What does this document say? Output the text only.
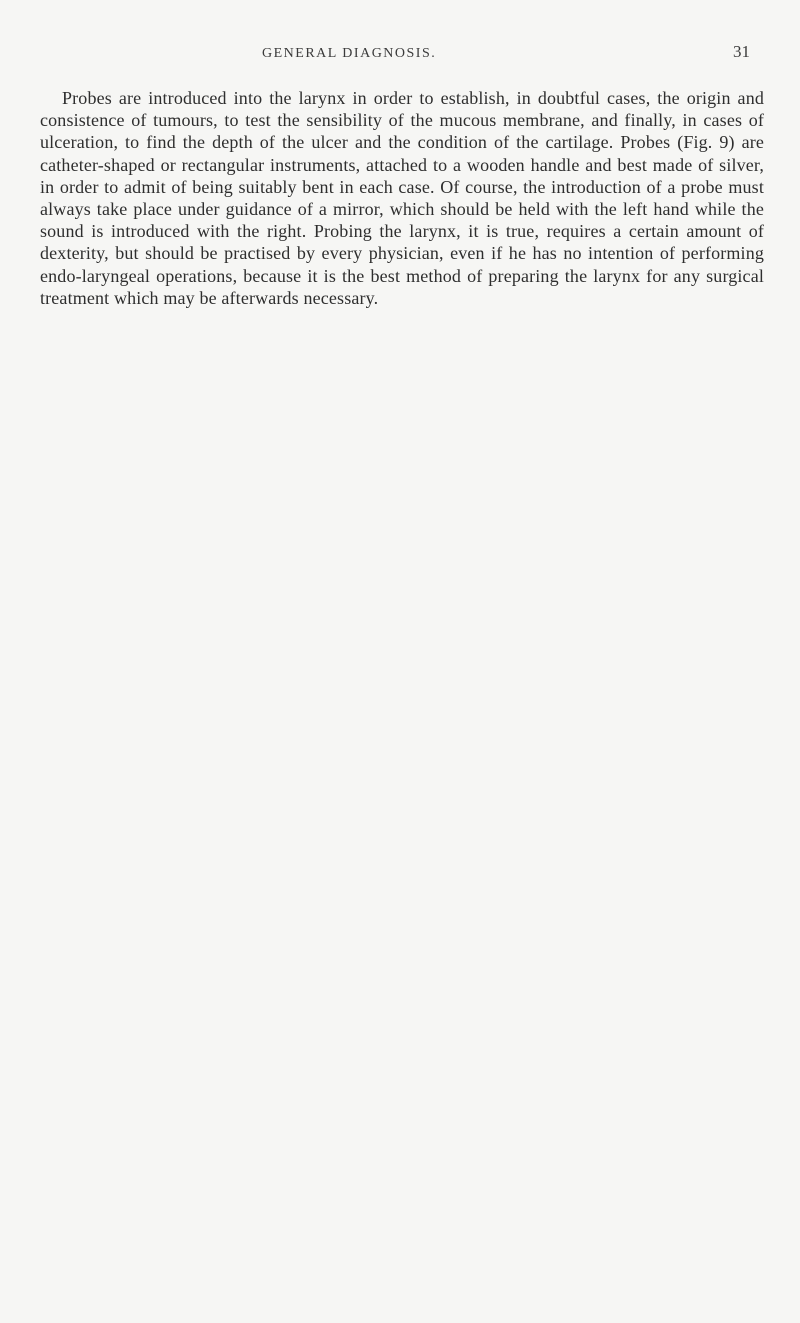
GENERAL DIAGNOSIS.	31

Probes are introduced into the larynx in order to establish, in doubtful cases, the origin and consistence of tumours, to test the sensibility of the mucous membrane, and finally, in cases of ulceration, to find the depth of the ulcer and the condition of the cartilage. Probes (Fig. 9) are catheter-shaped or rectangular instruments, attached to a wooden handle and best made of silver, in order to admit of being suitably bent in each case. Of course, the introduction of a probe must always take place under guidance of a mirror, which should be held with the left hand while the sound is introduced with the right. Probing the larynx, it is true, requires a certain amount of dexterity, but should be practised by every physician, even if he has no intention of performing endo-laryngeal operations, because it is the best method of preparing the larynx for any surgical treatment which may be afterwards necessary.
